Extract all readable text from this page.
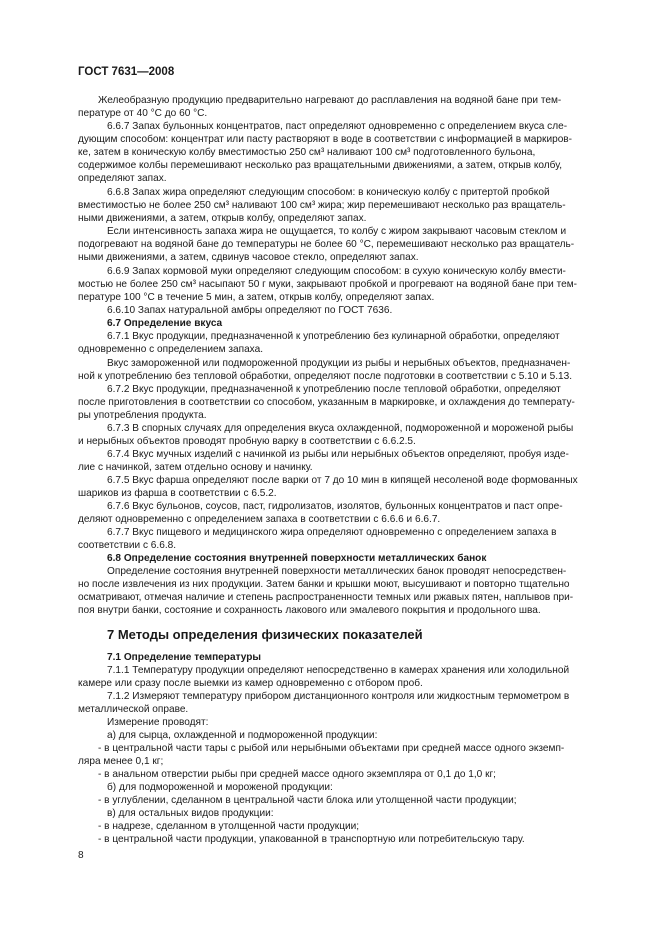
ГОСТ 7631—2008
Желеобразную продукцию предварительно нагревают до расплавления на водяной бане при тем-
пературе от 40 °С до 60 °С.
6.6.7 Запах бульонных концентратов, паст определяют одновременно с определением вкуса сле-
дующим способом: концентрат или пасту растворяют в воде в соответствии с информацией в маркиров-
ке, затем в коническую колбу вместимостью 250 см³ наливают 100 см³ подготовленного бульона,
содержимое колбы перемешивают несколько раз вращательными движениями, а затем, открыв колбу,
определяют запах.
6.6.8 Запах жира определяют следующим способом: в коническую колбу с притертой пробкой
вместимостью не более 250 см³ наливают 100 см³ жира; жир перемешивают несколько раз вращатель-
ными движениями, а затем, открыв колбу, определяют запах.
Если интенсивность запаха жира не ощущается, то колбу с жиром закрывают часовым стеклом и
подогревают на водяной бане до температуры не более 60 °С, перемешивают несколько раз вращатель-
ными движениями, а затем, сдвинув часовое стекло, определяют запах.
6.6.9 Запах кормовой муки определяют следующим способом: в сухую коническую колбу вмести-
мостью не более 250 см³ насыпают 50 г муки, закрывают пробкой и прогревают на водяной бане при тем-
пературе 100 °С в течение 5 мин, а затем, открыв колбу, определяют запах.
6.6.10 Запах натуральной амбры определяют по ГОСТ 7636.
6.7 Определение вкуса
6.7.1 Вкус продукции, предназначенной к употреблению без кулинарной обработки, определяют
одновременно с определением запаха.
Вкус замороженной или подмороженной продукции из рыбы и нерыбных объектов, предназначен-
ной к употреблению без тепловой обработки, определяют после подготовки в соответствии с 5.10 и 5.13.
6.7.2 Вкус продукции, предназначенной к употреблению после тепловой обработки, определяют
после приготовления в соответствии со способом, указанным в маркировке, и охлаждения до температу-
ры употребления продукта.
6.7.3 В спорных случаях для определения вкуса охлажденной, подмороженной и мороженой рыбы
и нерыбных объектов проводят пробную варку в соответствии с 6.6.2.5.
6.7.4 Вкус мучных изделий с начинкой из рыбы или нерыбных объектов определяют, пробуя изде-
лие с начинкой, затем отдельно основу и начинку.
6.7.5 Вкус фарша определяют после варки от 7 до 10 мин в кипящей несоленой воде формованных
шариков из фарша в соответствии с 6.5.2.
6.7.6 Вкус бульонов, соусов, паст, гидролизатов, изолятов, бульонных концентратов и паст опре-
деляют одновременно с определением запаха в соответствии с 6.6.6 и 6.6.7.
6.7.7 Вкус пищевого и медицинского жира определяют одновременно с определением запаха в
соответствии с 6.6.8.
6.8 Определение состояния внутренней поверхности металлических банок
Определение состояния внутренней поверхности металлических банок проводят непосредствен-
но после извлечения из них продукции. Затем банки и крышки моют, высушивают и повторно тщательно
осматривают, отмечая наличие и степень распространенности темных или ржавых пятен, наплывов при-
поя внутри банки, состояние и сохранность лакового или эмалевого покрытия и продольного шва.
7 Методы определения физических показателей
7.1 Определение температуры
7.1.1 Температуру продукции определяют непосредственно в камерах хранения или холодильной
камере или сразу после выемки из камер одновременно с отбором проб.
7.1.2 Измеряют температуру прибором дистанционного контроля или жидкостным термометром в
металлической оправе.
Измерение проводят:
а) для сырца, охлажденной и подмороженной продукции:
- в центральной части тары с рыбой или нерыбными объектами при средней массе одного экземп-
ляра менее 0,1 кг;
- в анальном отверстии рыбы при средней массе одного экземпляра от 0,1 до 1,0 кг;
б) для подмороженной и мороженой продукции:
- в углублении, сделанном в центральной части блока или утолщенной части продукции;
в) для остальных видов продукции:
- в надрезе, сделанном в утолщенной части продукции;
- в центральной части продукции, упакованной в транспортную или потребительскую тару.
8
